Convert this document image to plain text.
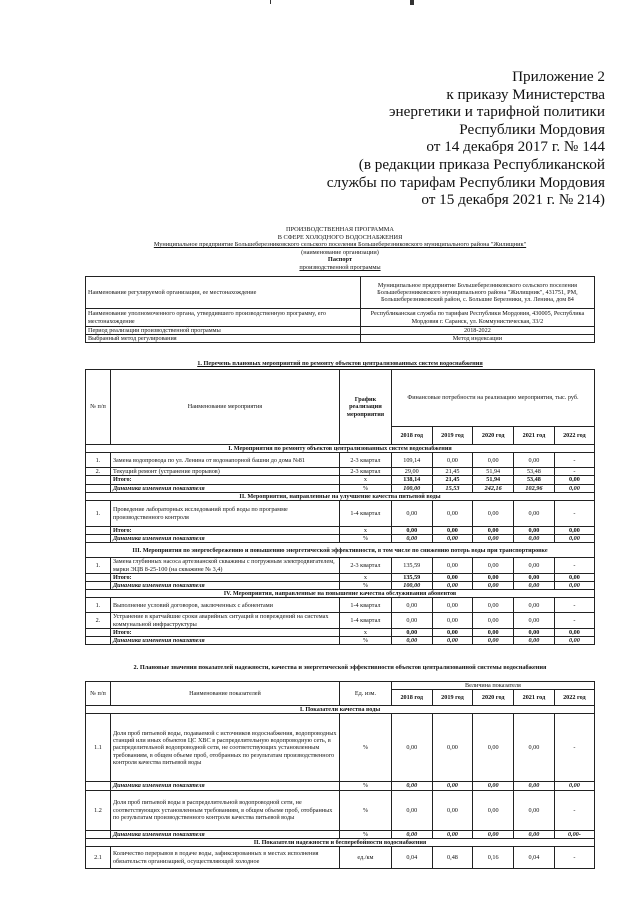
Приложение 2
к приказу Министерства
энергетики и тарифной политики
Республики Мордовия
от 14 декабря 2017 г. № 144
(в редакции приказа Республиканской
службы по тарифам Республики Мордовия
от 15 декабря 2021 г. № 214)
ПРОИЗВОДСТВЕННАЯ ПРОГРАММА
В СФЕРЕ ХОЛОДНОГО ВОДОСНАБЖЕНИЯ
Муниципальное предприятие Большеберезниковского сельского поселения Большеберезниковского муниципального района "Жилищник"
(наименование организации)
Паспорт
производственной программы
Наименование регулируемой организации, ее местонахождение	Муниципальное предприятие Большеберезниковского сельского поселения Большеберезниковского муниципального района "Жилищник", 431751, РМ, Большеберезниковский район, с. Большие Березники, ул. Ленина, дом 84
Наименование уполномоченного органа, утвердившего производственную программу, его местонахождение	Республиканская служба по тарифам Республики Мордовия, 430005, Республика Мордовия г. Саранск, ул. Коммунистическая, 33/2
Период реализации производственной программы	2018-2022
Выбранный метод регулирования	Метод индексации
1. Перечень плановых мероприятий по ремонту объектов централизованных систем водоснабжения
№ п/п	Наименование мероприятия	График реализации мероприятия	Финансовые потребности на реализацию мероприятия, тыс. руб.				
			2018 год	2019 год	2020 год	2021 год	2022 год
I. Мероприятия по ремонту объектов централизованных систем водоснабжения							
1.	Замена водопровода по ул. Ленина от водонапорной башни до дома №81	2-3 квартал	109,14	0,00	0,00	0,00	-
2.	Текущий ремонт (устранение прорывов)	2-3 квартал	29,00	21,45	51,94	53,48	-
	Итого:	x	138,14	21,45	51,94	53,48	0,00
	Динамика изменения показателя	%	100,00	15,53	242,16	102,96	0,00
II. Мероприятия, направленные на улучшение качества питьевой воды							
1.	Проведение лабораторных исследований проб воды по программе производственного контроля	1-4 квартал	0,00	0,00	0,00	0,00	-
	Итого:	x	0,00	0,00	0,00	0,00	0,00
	Динамика изменения показателя	%	0,00	0,00	0,00	0,00	0,00
III. Мероприятия по энергосбережению и повышению энергетической эффективности, в том числе по снижению потерь воды при транспортировке							
1.	Замена глубинных насоса артезианской скважины с погружным электродвигателем, марки ЭЦВ 8-25-100 (на скважине № 3,4)	2-3 квартал	135,59	0,00	0,00	0,00	-
	Итого:	x	135,59	0,00	0,00	0,00	0,00
	Динамика изменения показателя	%	100,00	0,00	0,00	0,00	0,00
IV. Мероприятия, направленные на повышение качества обслуживания абонентов							
1.	Выполнение условий договоров, заключенных с абонентами	1-4 квартал	0,00	0,00	0,00	0,00	-
2.	Устранение в кратчайшие сроки аварийных ситуаций и повреждений на системах коммунальной инфраструктуры	1-4 квартал	0,00	0,00	0,00	0,00	-
	Итого:	x	0,00	0,00	0,00	0,00	0,00
	Динамика изменения показателя	%	0,00	0,00	0,00	0,00	0,00
2. Плановые значения показателей надежности, качества и энергетической эффективности объектов централизованной системы водоснабжения
№ п/п	Наименование показателей	Ед. изм.	Величина показателя				
			2018 год	2019 год	2020 год	2021 год	2022 год
I. Показатели качества воды							
1.1	Доля проб питьевой воды, подаваемой с источников водоснабжения, водопроводных станций или иных объектов ЦС ХВС в распределительную водопроводную сеть, в распределительной водопроводной сети, не соответствующих установленным требованиям, в общем объеме проб, отобранных по результатам производственного контроля качества питьевой воды	%	0,00	0,00	0,00	0,00	-
	Динамика изменения показателя	%	0,00	0,00	0,00	0,00	0,00
1.2	Доля проб питьевой воды в распределительной водопроводной сети, не соответствующих установленным требованиям, в общем объеме проб, отобранных по результатам производственного контроля качества питьевой воды	%	0,00	0,00	0,00	0,00	-
	Динамика изменения показателя	%	0,00	0,00	0,00	0,00	0,00-
II. Показатели надежности и бесперебойности водоснабжения							
2.1	Количество перерывов в подаче воды, зафиксированных в местах исполнения обязательств организацией, осуществляющей холодное	ед./км	0,04	0,48	0,16	0,04	-
